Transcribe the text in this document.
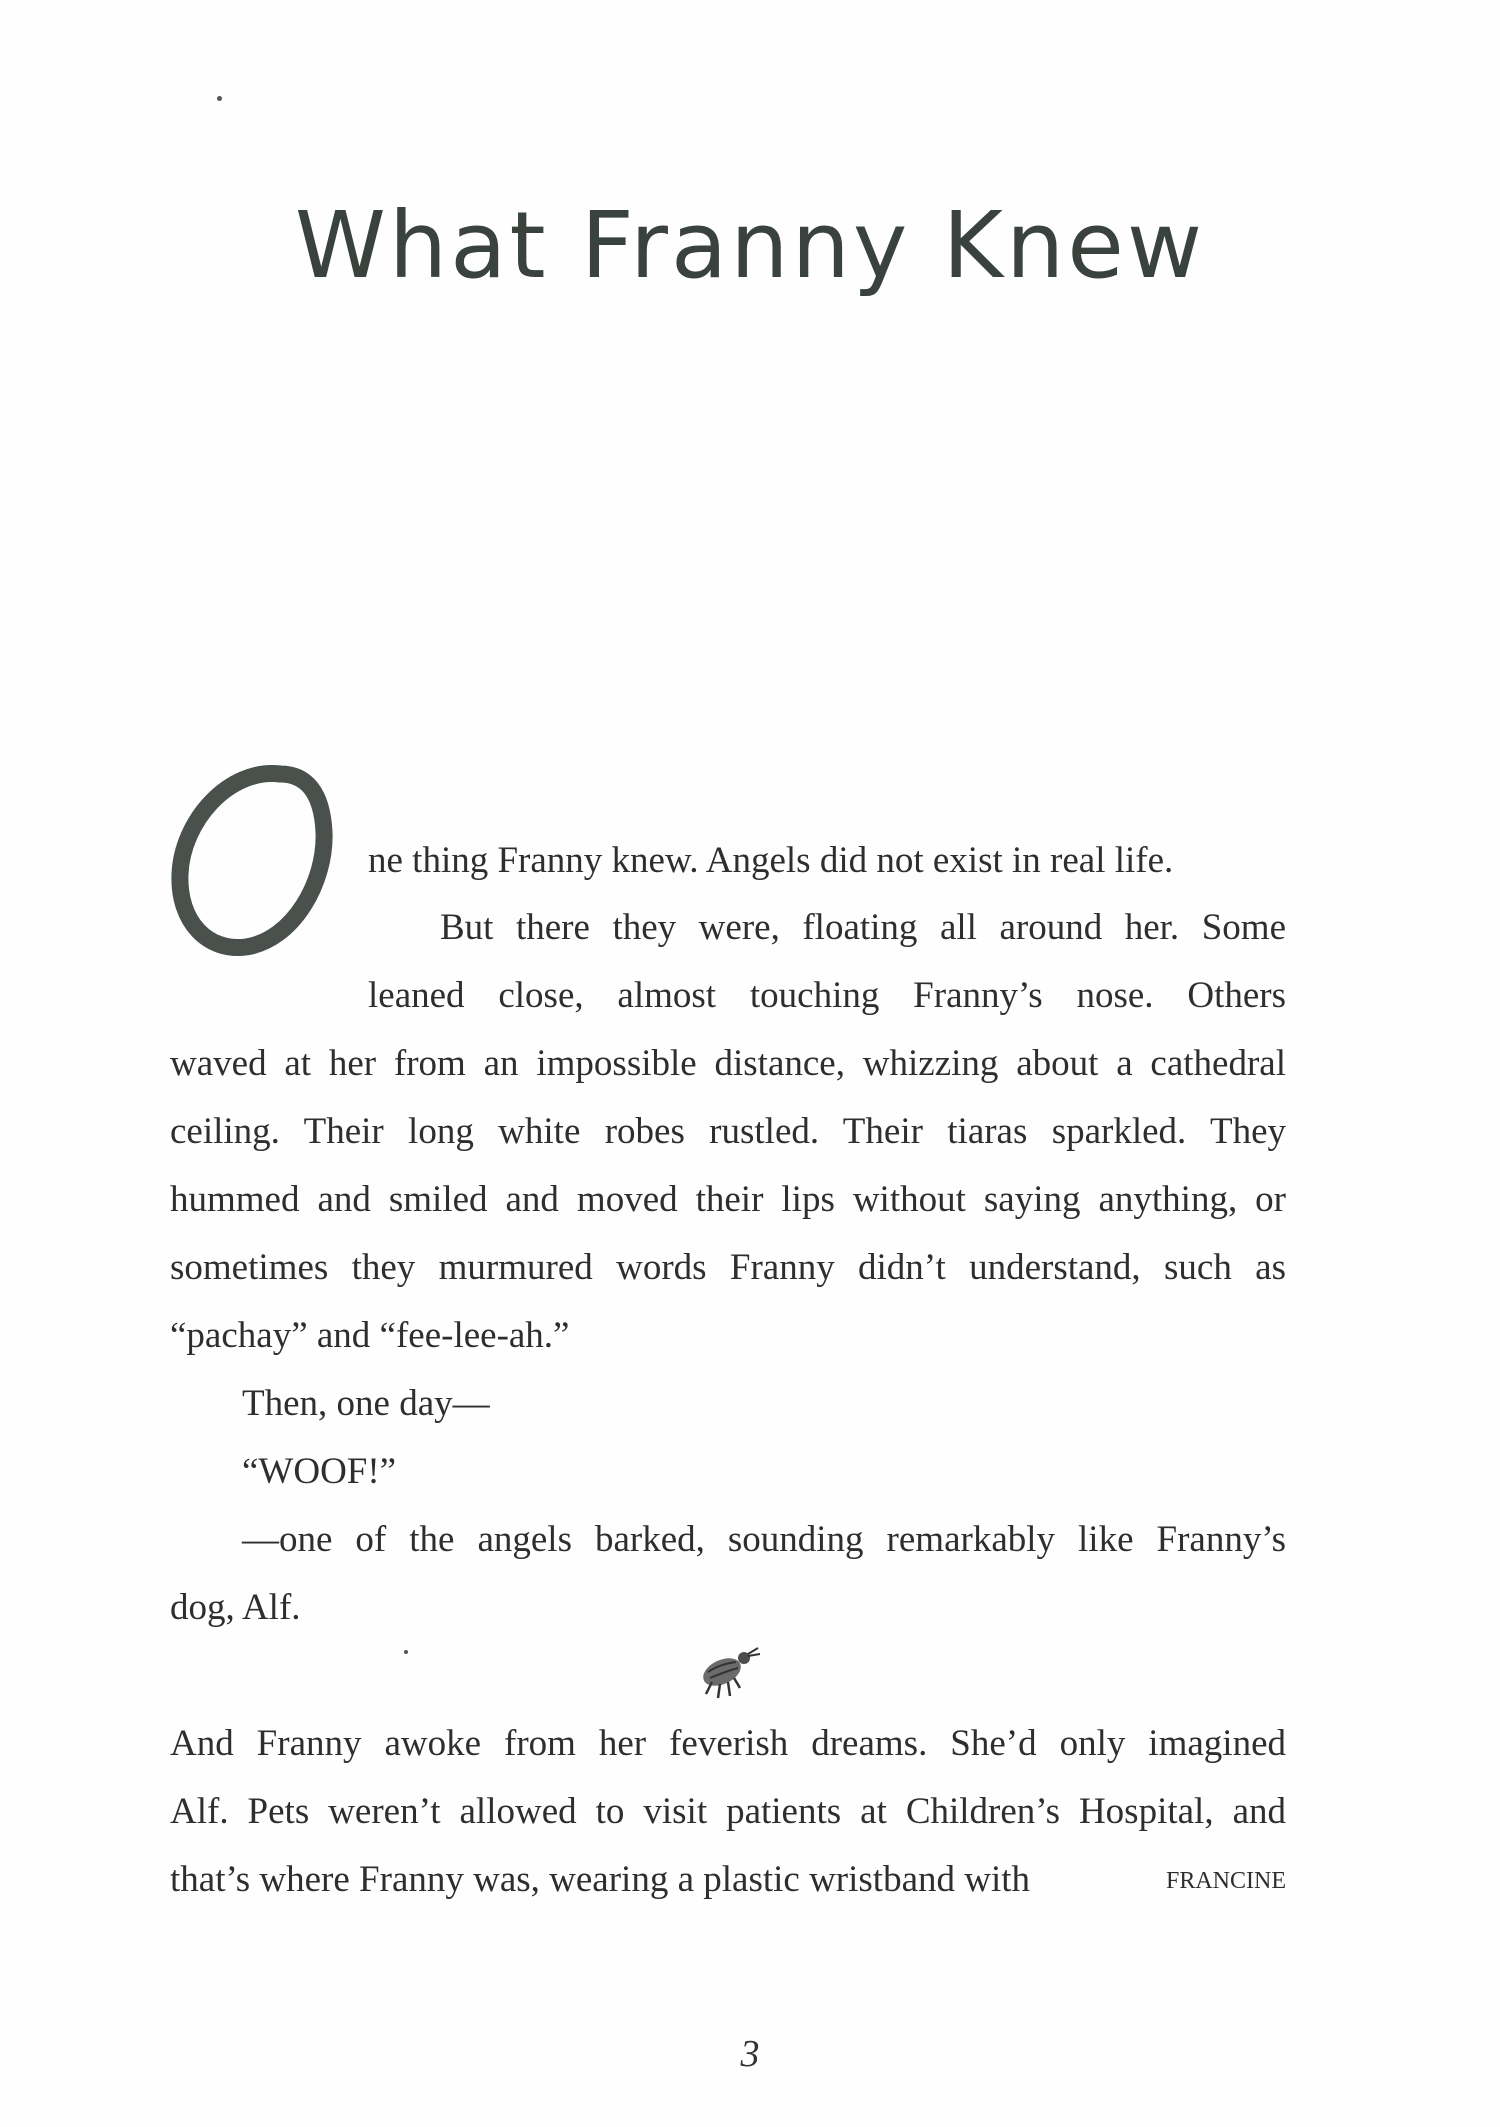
What Franny Knew
ne thing Franny knew. Angels did not exist in real life.
But there they were, floating all around her. Some
leaned close, almost touching Franny’s nose. Others
waved at her from an impossible distance, whizzing about a cathedral
ceiling. Their long white robes rustled. Their tiaras sparkled. They
hummed and smiled and moved their lips without saying anything, or
sometimes they murmured words Franny didn’t understand, such as
“pachay” and “fee-lee-ah.”
Then, one day—
“WOOF!”
—one of the angels barked, sounding remarkably like Franny’s
dog, Alf.
And Franny awoke from her feverish dreams. She’d only imagined
Alf. Pets weren’t allowed to visit patients at Children’s Hospital, and
that’s where Franny was, wearing a plastic wristband with	francine
3
